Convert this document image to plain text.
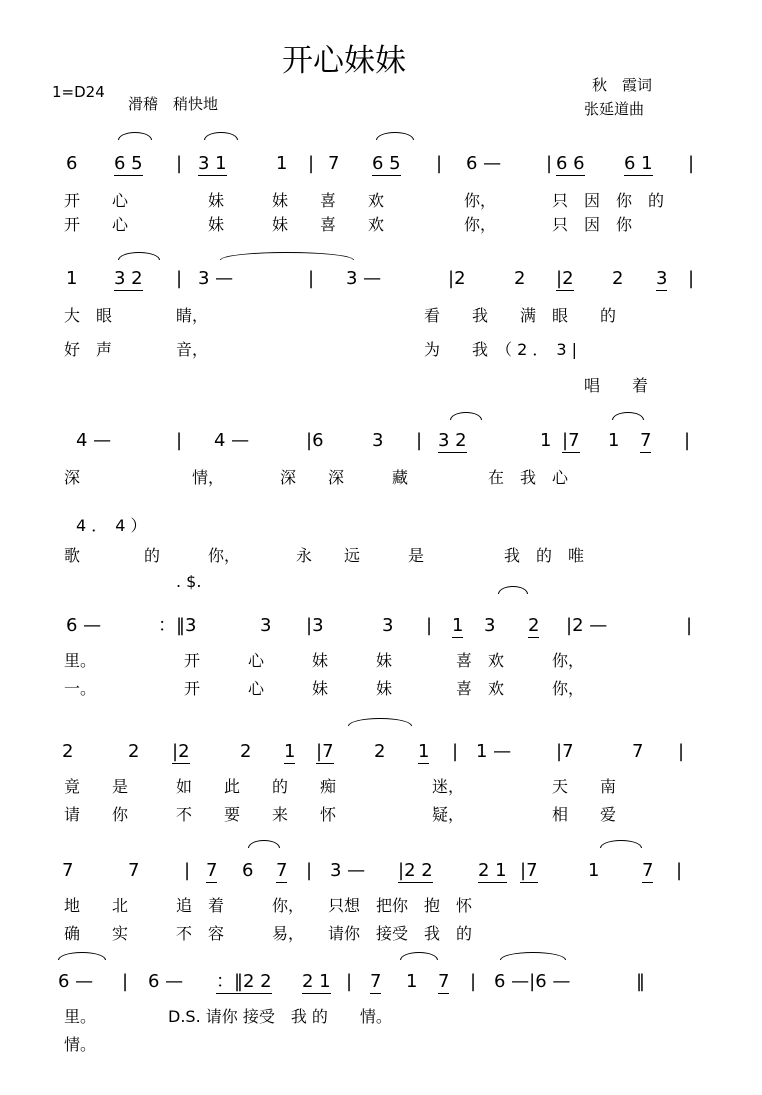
开心妹妹
1=D24
滑稽　稍快地
秋　霞词
张延道曲
6 6 5 | 3 1	1 | 7 6 5 | 6 — | 6 6 6 1 |
开　　心　　　　　妹　　　妹　　喜　　欢　　　　　你，　　　　只　因　你　的
开　　心　　　　　妹　　　妹　　喜　　欢　　　　　你，　　　　只　因　你
1 3 2 | 3 —	| 3 —	|2	2 |2 2 3 |
大　眼　　　　睛，　　　　　　　　　　　　　　看　　我　　满　眼　　的
好　声　　　　音，　　　　　　　　　　　　　　为　　我　（ 2 ．　3 |
唱　　着
4 —	| 4 —	|6	3 | 3 2	1 |7 1 7 |
深　　　　　　　情，　　　　深　　深　　　藏　　　　　在　我　心
4 ．　4 ）
歌　　　　的　　　你，　　　　永　　远　　　是　　　　　我　的　唯
. $.
6 —	：‖3	3 |3	3 | 1 3 2 |2 —	|
里。　　　　　　开　　　心　　　妹　　　妹　　　　喜　欢　　　你，
一。　　　　　　开　　　心　　　妹　　　妹　　　　喜　欢　　　你，
2	2 |2	2 1 |7 2 1 | 1 — |7	7 |
竟　　是　　　如　　此　　的　　痴　　　　　　迷，　　　　　　天　　南
请　　你　　　不　　要　　来　　怀　　　　　　疑，　　　　　　相　　爱
7	7 | 7 6 7 | 3 — |2 2	2 1 |7	1 7 |
地　　北　　　追　着　　　你，　　只想　把你　抱　怀
确　　实　　　不　容　　　易，　　请你　接受　我　的
6 — | 6 — ：‖2 2 2 1 | 7 1 7 | 6 —|6 —	‖
里。　　　　　D.S. 请你 接受　我 的　　情。
情。
